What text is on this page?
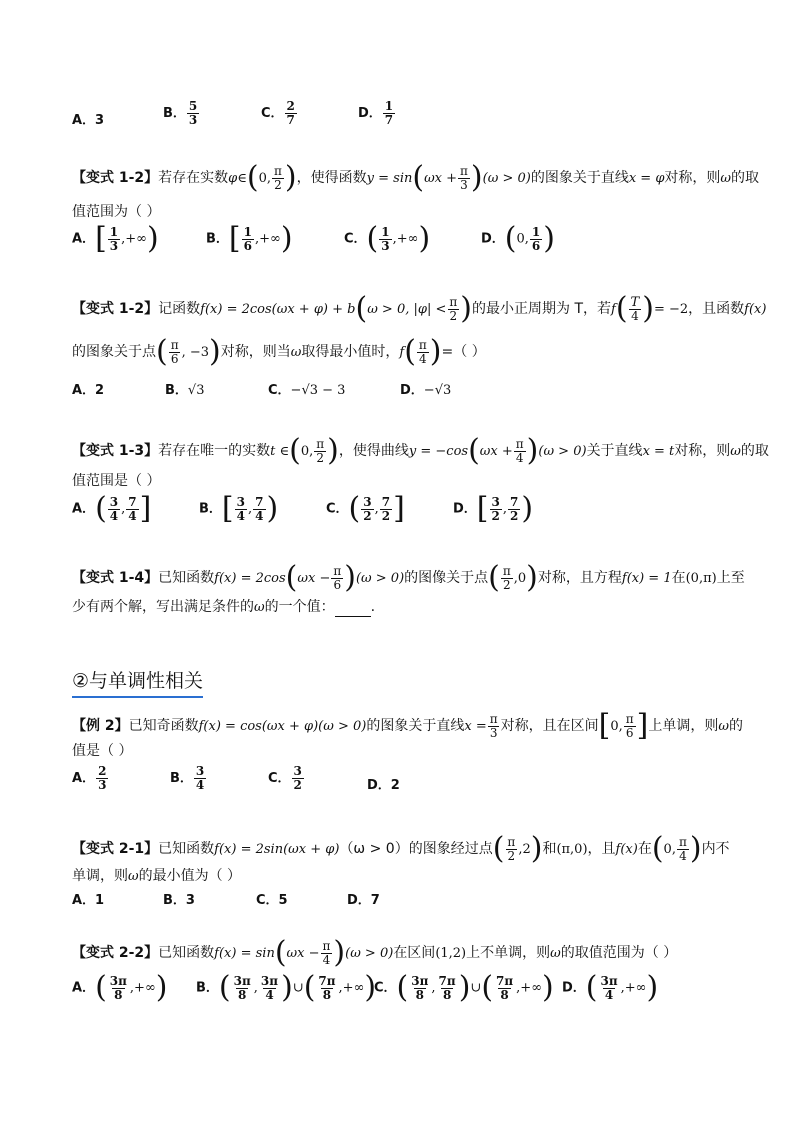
A．3	B． $\frac{5}{3}$	C． $\frac{2}{7}$	D． $\frac{1}{7}$
【变式 1-2】若存在实数φ∈(0, $\frac{\pi}{2}$ )，使得函数$y = \sin(\omega x + \frac{\pi}{3} )(\omega > 0)$的图象关于直线x = φ对称，则ω的取
值范围为（ ）
A．[ $\frac{1}{3}$ ,+∞)	B．[ $\frac{1}{6}$ ,+∞)	C．( $\frac{1}{3}$ ,+∞)	D．(0, $\frac{1}{6}$ )
【变式 1-2】记函数f(x) = 2cos(ωx + φ) + b(ω > 0, $|\varphi| < \frac{\pi}{2}$ )的最小正周期为 T，若$f( \frac{T}{4}$ )= −2，且函数f(x)
的图象关于点( $\frac{\pi}{6}$ , −3)对称，则当ω取得最小值时，$f( \frac{\pi}{4}$ )=（ ）
A．2	B．√3	C．−√3 − 3	D．−√3
【变式 1-3】若存在唯一的实数t ∈(0, $\frac{\pi}{2}$ )，使得曲线$y = -\cos(\omega x + \frac{\pi}{4} )(\omega > 0)$关于直线x = t对称，则ω的取
值范围是（ ）
A．( $\frac{3}{4}$ , $\frac{7}{4}$ ]	B．[ $\frac{3}{4}$ , $\frac{7}{4}$ )	C．( $\frac{3}{2}$ , $\frac{7}{2}$ ]	D．[ $\frac{3}{2}$ , $\frac{7}{2}$ )
【变式 1-4】已知函数$f(x) = 2\cos(\omega x - \frac{\pi}{6} )(\omega > 0)$的图像关于点( $\frac{\pi}{2} ,0$)对称，且方程f(x) = 1在(0,π)上至
少有两个解，写出满足条件的ω的一个值：	.
②与单调性相关
【例 2】已知奇函数f(x) = cos(ωx + φ)(ω > 0)的图象关于直线$x = \frac{\pi}{3}$ 对称，且在区间[0, $\frac{\pi}{6}$ ]上单调，则ω的
值是（ ）
A． $\frac{2}{3}$	B． $\frac{3}{4}$	C． $\frac{3}{2}$	D．2
【变式 2-1】已知函数f(x) = 2sin(ωx + φ)（ω > 0）的图象经过点( $\frac{\pi}{2} ,2$)和(π,0)，且f(x)在(0, $\frac{\pi}{4}$ )内不
单调，则ω的最小值为（ ）
A．1	B．3	C．5	D．7
【变式 2-2】已知函数$f(x) = \sin(\omega x - \frac{\pi}{4} )(\omega > 0)$在区间(1,2)上不单调，则ω的取值范围为（ ）
A．( $\frac{3\pi}{8}$ ,+∞) B．( $\frac{3\pi}{8}$ , $\frac{3\pi}{4}$ )∪( $\frac{7\pi}{8}$ ,+∞)
C．( $\frac{3\pi}{8}$ , $\frac{7\pi}{8}$ )∪( $\frac{7\pi}{8}$ ,+∞) D．( $\frac{3\pi}{4}$ ,+∞)
